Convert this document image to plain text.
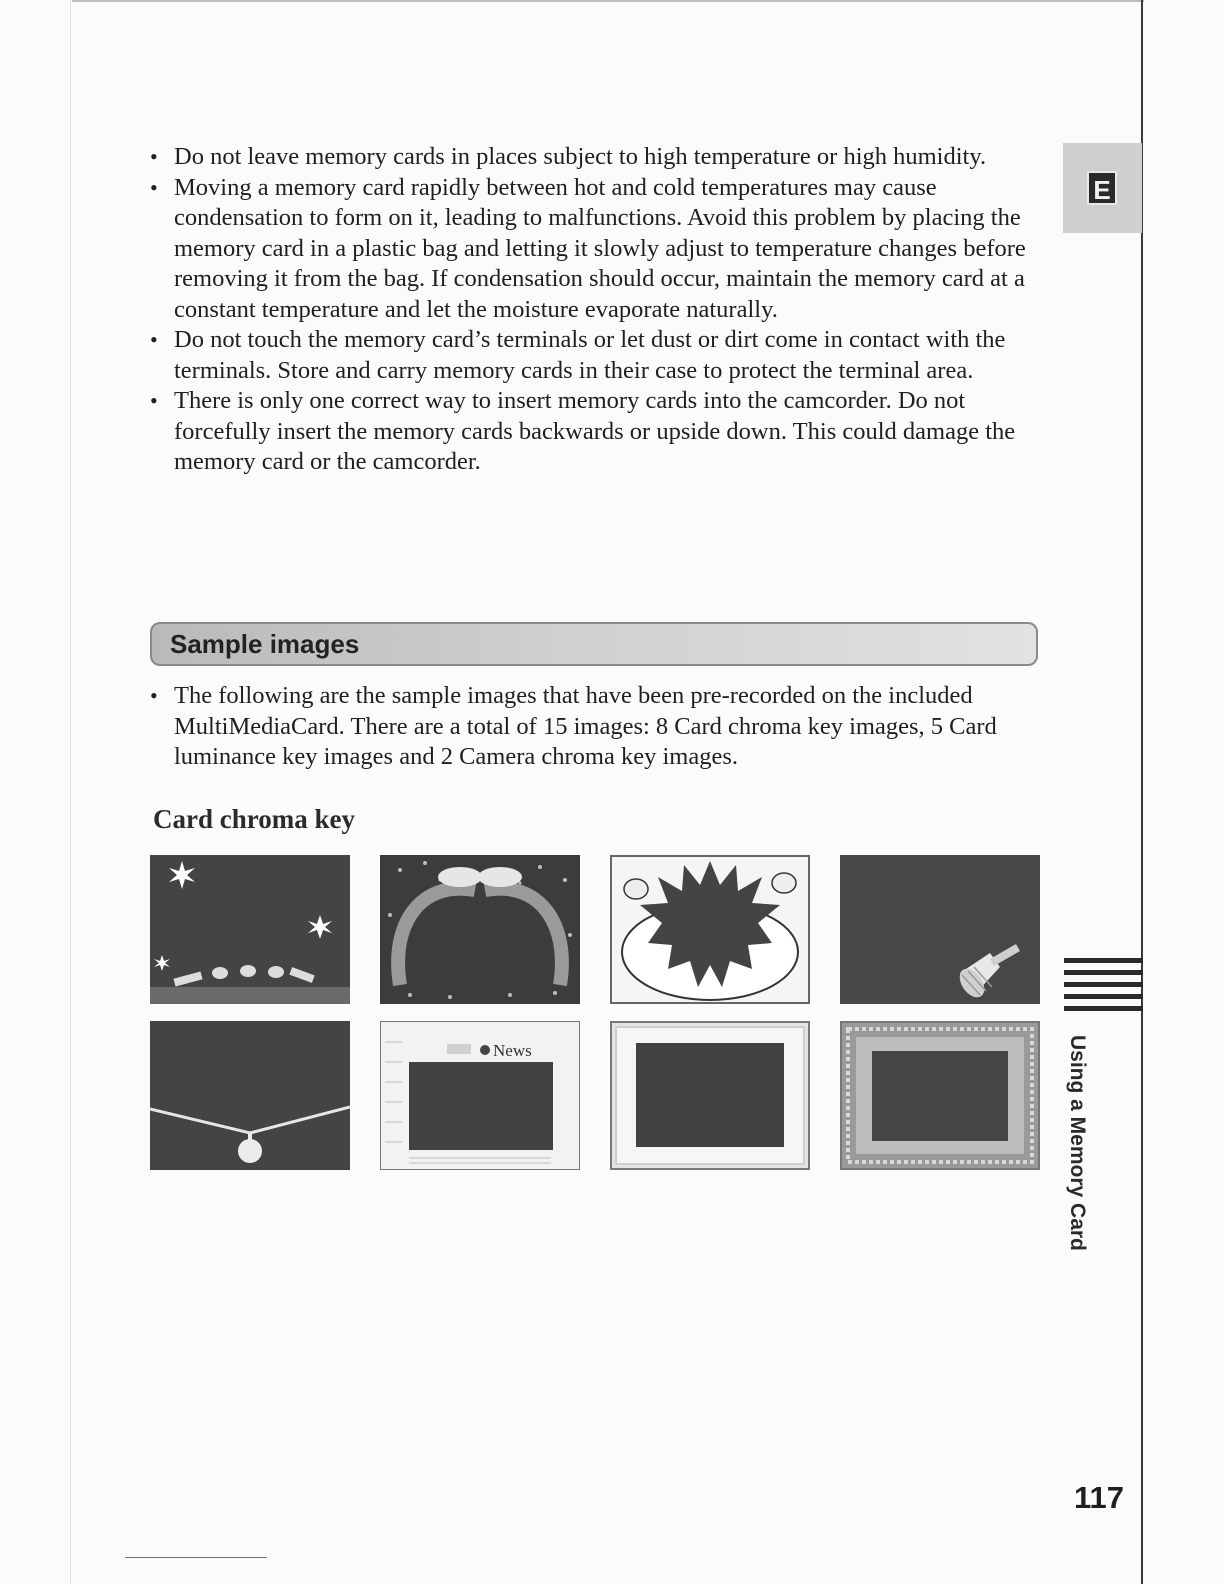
• Do not leave memory cards in places subject to high temperature or high humidity.
• Moving a memory card rapidly between hot and cold temperatures may cause condensation to form on it, leading to malfunctions. Avoid this problem by placing the memory card in a plastic bag and letting it slowly adjust to temperature changes before removing it from the bag. If condensation should occur, maintain the memory card at a constant temperature and let the moisture evaporate naturally.
• Do not touch the memory card’s terminals or let dust or dirt come in contact with the terminals. Store and carry memory cards in their case to protect the terminal area.
• There is only one correct way to insert memory cards into the camcorder. Do not forcefully insert the memory cards backwards or upside down. This could damage the memory card or the camcorder.
Sample images
• The following are the sample images that have been pre-recorded on the included MultiMediaCard. There are a total of 15 images: 8 Card chroma key images, 5 Card luminance key images and 2 Camera chroma key images.
Card chroma key
News
E
Using a Memory Card
117
